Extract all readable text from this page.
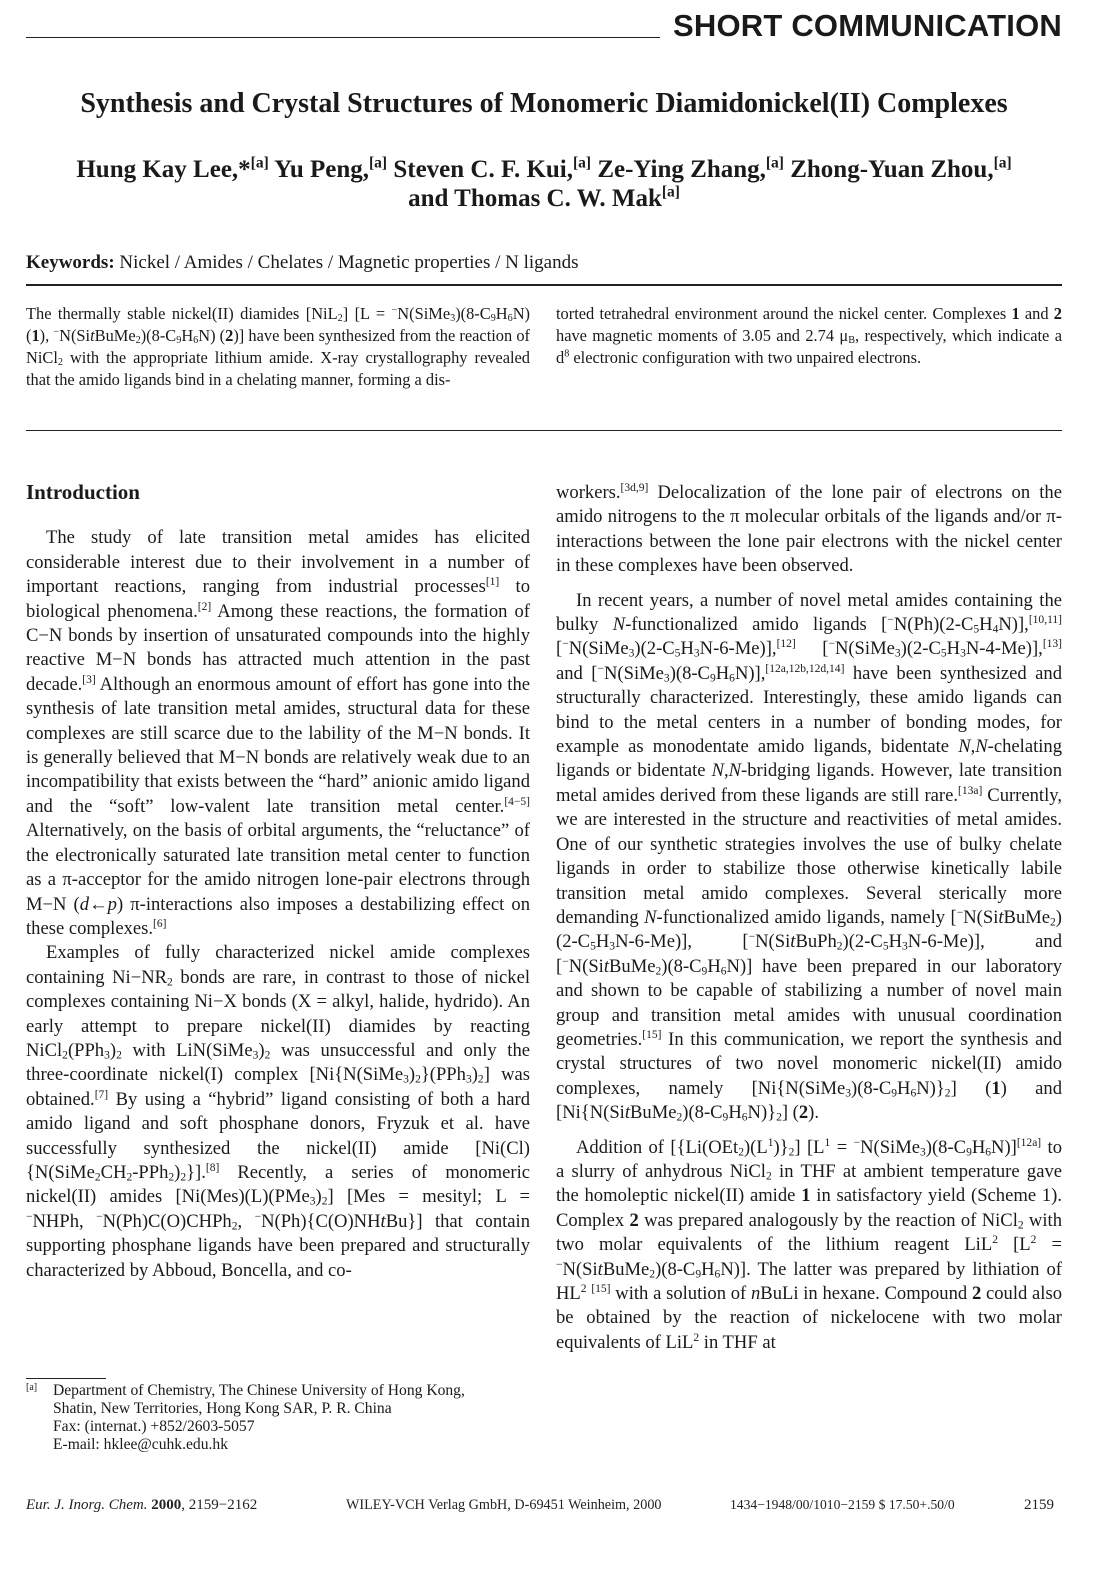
SHORT COMMUNICATION
Synthesis and Crystal Structures of Monomeric Diamidonickel(II) Complexes
Hung Kay Lee,*[a] Yu Peng,[a] Steven C. F. Kui,[a] Ze-Ying Zhang,[a] Zhong-Yuan Zhou,[a]
and Thomas C. W. Mak[a]
Keywords: Nickel / Amides / Chelates / Magnetic properties / N ligands
The thermally stable nickel(II) diamides [NiL$_2$] [$L = ^-N(SiMe_3)(8-C_9H_6N)$ (1), $^-N(SitBuMe_2)(8-C_9H_6N)$ (2)] have been synthesized from the reaction of NiCl$_2$ with the appropriate lithium amide. X-ray crystallography revealed that the amido ligands bind in a chelating manner, forming a dis-
torted tetrahedral environment around the nickel center. Complexes 1 and 2 have magnetic moments of 3.05 and 2.74 $\mu_B$, respectively, which indicate a $d^8$ electronic configuration with two unpaired electrons.

Introduction

The study of late transition metal amides has elicited considerable interest due to their involvement in a number of important reactions, ranging from industrial processes[1] to biological phenomena.[2] Among these reactions, the formation of C−N bonds by insertion of unsaturated compounds into the highly reactive M−N bonds has attracted much attention in the past decade.[3] Although an enormous amount of effort has gone into the synthesis of late transition metal amides, structural data for these complexes are still scarce due to the lability of the M−N bonds. It is generally believed that M−N bonds are relatively weak due to an incompatibility that exists between the “hard” anionic amido ligand and the “soft” low-valent late transition metal center.[4−5] Alternatively, on the basis of orbital arguments, the “reluctance” of the electronically saturated late transition metal center to function as a π-acceptor for the amido nitrogen lone-pair electrons through M−N (d←p) π-interactions also imposes a destabilizing effect on these complexes.[6]

Examples of fully characterized nickel amide complexes containing $Ni-NR_2$ bonds are rare, in contrast to those of nickel complexes containing Ni−X bonds (X = alkyl, halide, hydrido). An early attempt to prepare nickel(II) diamides by reacting $NiCl_2(PPh_3)_2$ with $LiN(SiMe_3)_2$ was unsuccessful and only the three-coordinate nickel(I) complex $[Ni\{N(SiMe_3)_2\}(PPh_3)_2]$ was obtained.[7] By using a “hybrid” ligand consisting of both a hard amido ligand and soft phosphane donors, Fryzuk et al. have successfully synthesized the nickel(II) amide $[Ni(Cl)\{N(SiMe_2CH_2-PPh_2)_2\}].[8]$ Recently, a series of monomeric nickel(II) amides $[Ni(Mes)(L)(PMe_3)_2] [Mes$ = mesityl; L = −NHPh, −N(Ph)C(O)CHPh$_2$, −N(Ph){C(O)NHtBu}] that contain supporting phosphane ligands have been prepared and structurally characterized by Abboud, Boncella, and co-

workers.[3d,9] Delocalization of the lone pair of electrons on the amido nitrogens to the π molecular orbitals of the ligands and/or π-interactions between the lone pair electrons with the nickel center in these complexes have been observed.

In recent years, a number of novel metal amides containing the bulky N-functionalized amido ligands $[^-N(Ph)(2-C_5H_4N)],[10,11]$ $[^-N(SiMe_3)(2-C_5H_3N-6-Me)],[12]$ $[^-N(SiMe_3)(2-C_5H_3N-4-Me)],[13]$ and $[^-N(SiMe_3)(8-C_9H_6N)],[12a,12b,12d,14]$ have been synthesized and structurally characterized. Interestingly, these amido ligands can bind to the metal centers in a number of bonding modes, for example as monodentate amido ligands, bidentate N,N-chelating ligands or bidentate N,N-bridging ligands. However, late transition metal amides derived from these ligands are still rare.[13a] Currently, we are interested in the structure and reactivities of metal amides. One of our synthetic strategies involves the use of bulky chelate ligands in order to stabilize those otherwise kinetically labile transition metal amido complexes. Several sterically more demanding N-functionalized amido ligands, namely $[^-N(SitBuMe_2)(2-C_5H_3N-6-Me)]$, $[^-N(SitBuPh_2)(2-C_5H_3N-6-Me)]$, and $[^-N(SitBuMe_2)(8-C_9H_6N)]$ have been prepared in our laboratory and shown to be capable of stabilizing a number of novel main group and transition metal amides with unusual coordination geometries.[15] In this communication, we report the synthesis and crystal structures of two novel monomeric nickel(II) amido complexes, namely $[Ni\{N(SiMe_3)(8-C_9H_6N)\}_2]$ (1) and $[Ni\{N(SitBuMe_2)(8-C_9H_6N)\}_2]$ (2).

Addition of $[\{Li(OEt_2)(L^1)\}_2] [L^1$ = $^-N(SiMe_3)(8-C_9H_6N)][12a]$ to a slurry of anhydrous NiCl$_2$ in THF at ambient temperature gave the homoleptic nickel(II) amide 1 in satisfactory yield (Scheme 1). Complex 2 was prepared analogously by the reaction of NiCl$_2$ with two molar equivalents of the lithium reagent LiL$^2$ [$L^2$ = $^-N(SitBuMe_2)(8-C_9H_6N)$]. The latter was prepared by lithiation of $HL^2$ [15] with a solution of nBuLi in hexane. Compound 2 could also be obtained by the reaction of nickelocene with two molar equivalents of LiL$^2$ in THF at

[a] Department of Chemistry, The Chinese University of Hong Kong,
Shatin, New Territories, Hong Kong SAR, P. R. China
Fax: (internat.) +852/2603-5057
E-mail: hklee@cuhk.edu.hk
Eur. J. Inorg. Chem. 2000, 2159−2162	WILEY-VCH Verlag GmbH, D-69451 Weinheim, 2000	1434−1948/00/1010−2159 $ 17.50+.50/0	2159
